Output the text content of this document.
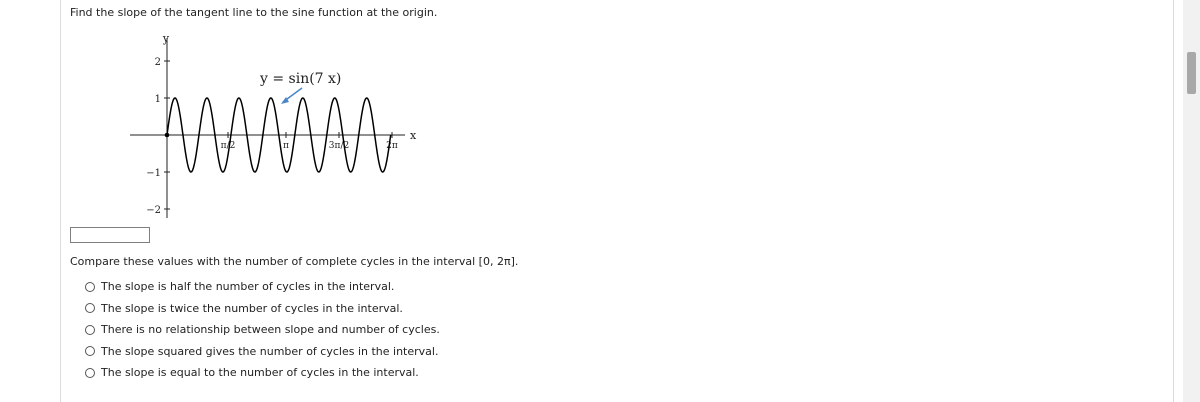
Find the slope of the tangent line to the sine function at the origin.
y
x
2
1
−1
−2
π/2	π	3π/2	2π
y = sin(7 x)
Compare these values with the number of complete cycles in the interval [0, 2π].
The slope is half the number of cycles in the interval.
The slope is twice the number of cycles in the interval.
There is no relationship between slope and number of cycles.
The slope squared gives the number of cycles in the interval.
The slope is equal to the number of cycles in the interval.
